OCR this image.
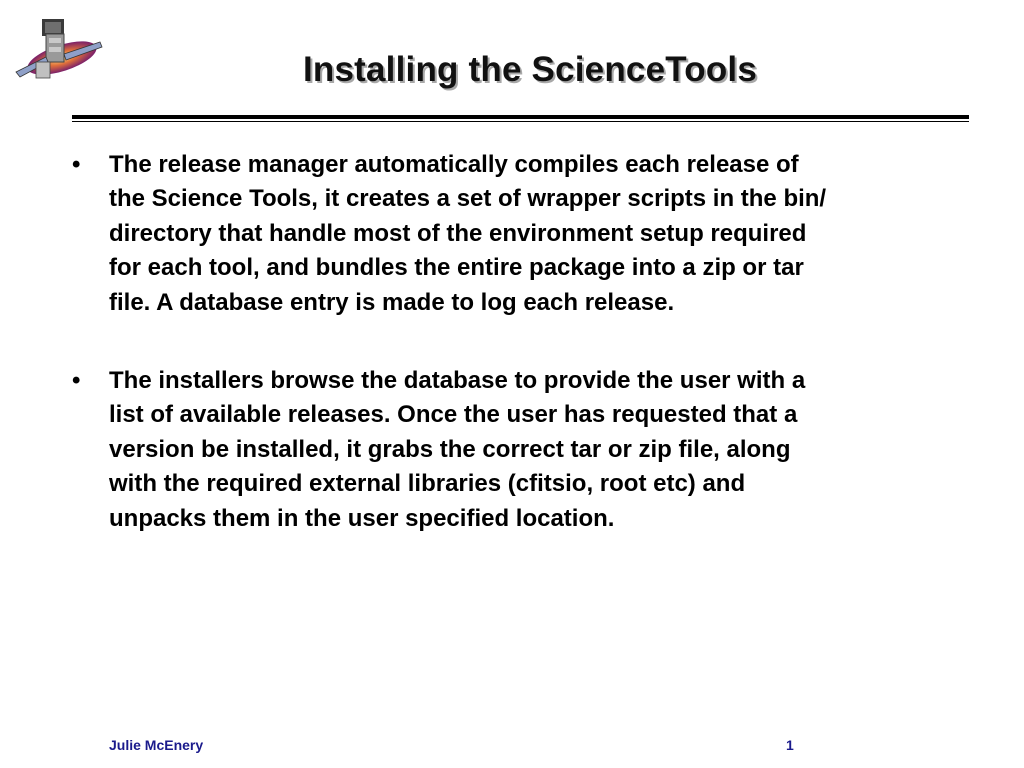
Installing the ScienceTools
• The release manager automatically compiles each release of
the Science Tools, it creates a set of wrapper scripts in the bin/
directory that handle most of the environment setup required
for each tool, and bundles the entire package into a zip or tar
file. A database entry is made to log each release.
• The installers browse the database to provide the user with a
list of available releases. Once the user has requested that a
version be installed, it grabs the correct tar or zip file, along
with the required external libraries (cfitsio, root etc) and
unpacks them in the user specified location.
Julie McEnery	1
